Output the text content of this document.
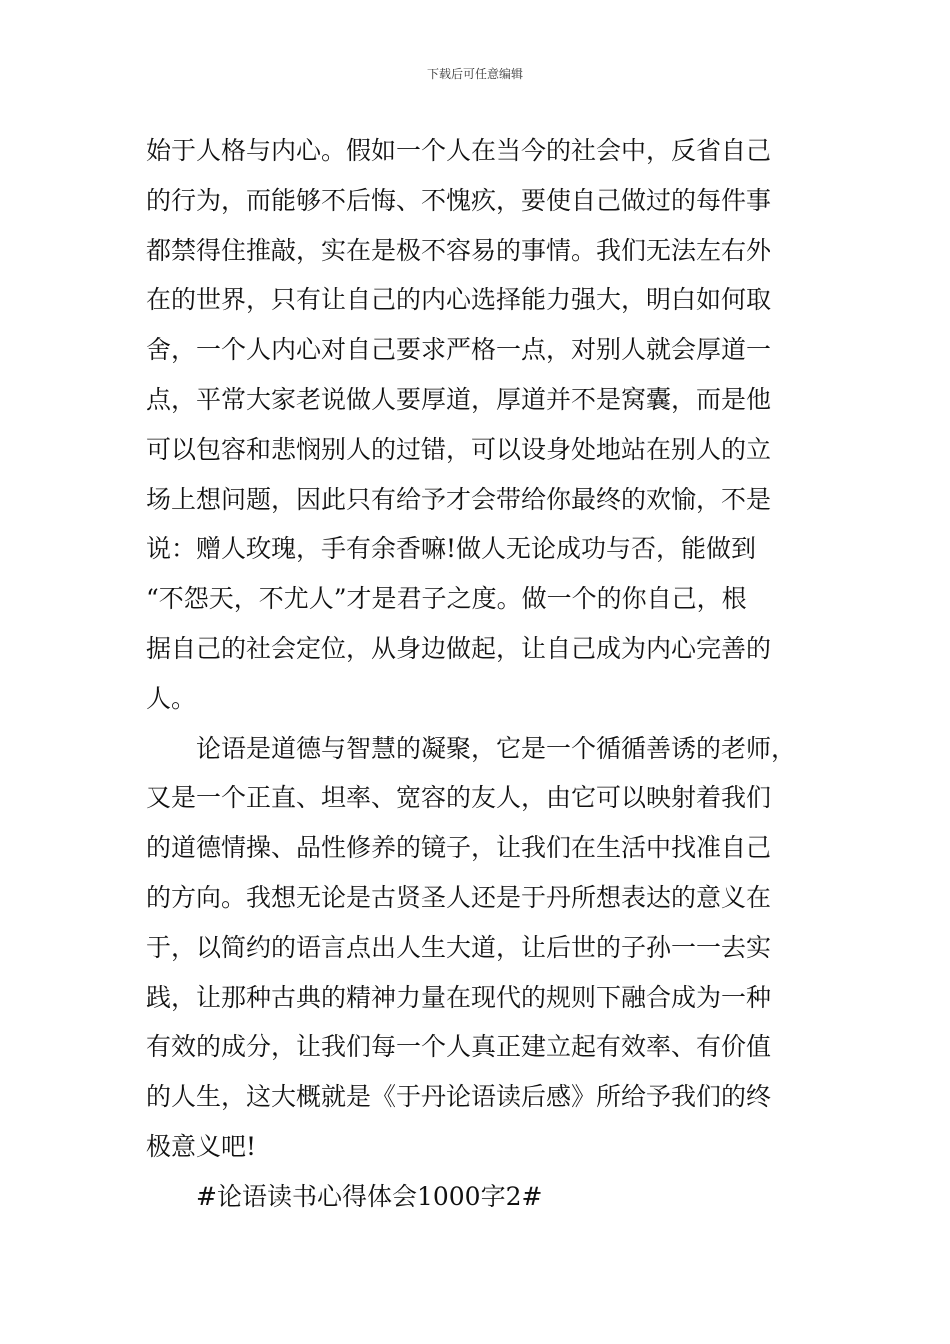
下载后可任意编辑
始于人格与内心。假如一个人在当今的社会中，反省自己
的行为，而能够不后悔、不愧疚，要使自己做过的每件事
都禁得住推敲，实在是极不容易的事情。我们无法左右外
在的世界，只有让自己的内心选择能力强大，明白如何取
舍，一个人内心对自己要求严格一点，对别人就会厚道一
点，平常大家老说做人要厚道，厚道并不是窝囊，而是他
可以包容和悲悯别人的过错，可以设身处地站在别人的立
场上想问题，因此只有给予才会带给你最终的欢愉，不是
说：赠人玫瑰，手有余香嘛!做人无论成功与否，能做到
“不怨天，不尤人”才是君子之度。做一个的你自己，根
据自己的社会定位，从身边做起，让自己成为内心完善的
人。
　　论语是道德与智慧的凝聚，它是一个循循善诱的老师，
又是一个正直、坦率、宽容的友人，由它可以映射着我们
的道德情操、品性修养的镜子，让我们在生活中找准自己
的方向。我想无论是古贤圣人还是于丹所想表达的意义在
于，以简约的语言点出人生大道，让后世的子孙一一去实
践，让那种古典的精神力量在现代的规则下融合成为一种
有效的成分，让我们每一个人真正建立起有效率、有价值
的人生，这大概就是《于丹论语读后感》所给予我们的终
极意义吧!
#论语读书心得体会1000字2#
